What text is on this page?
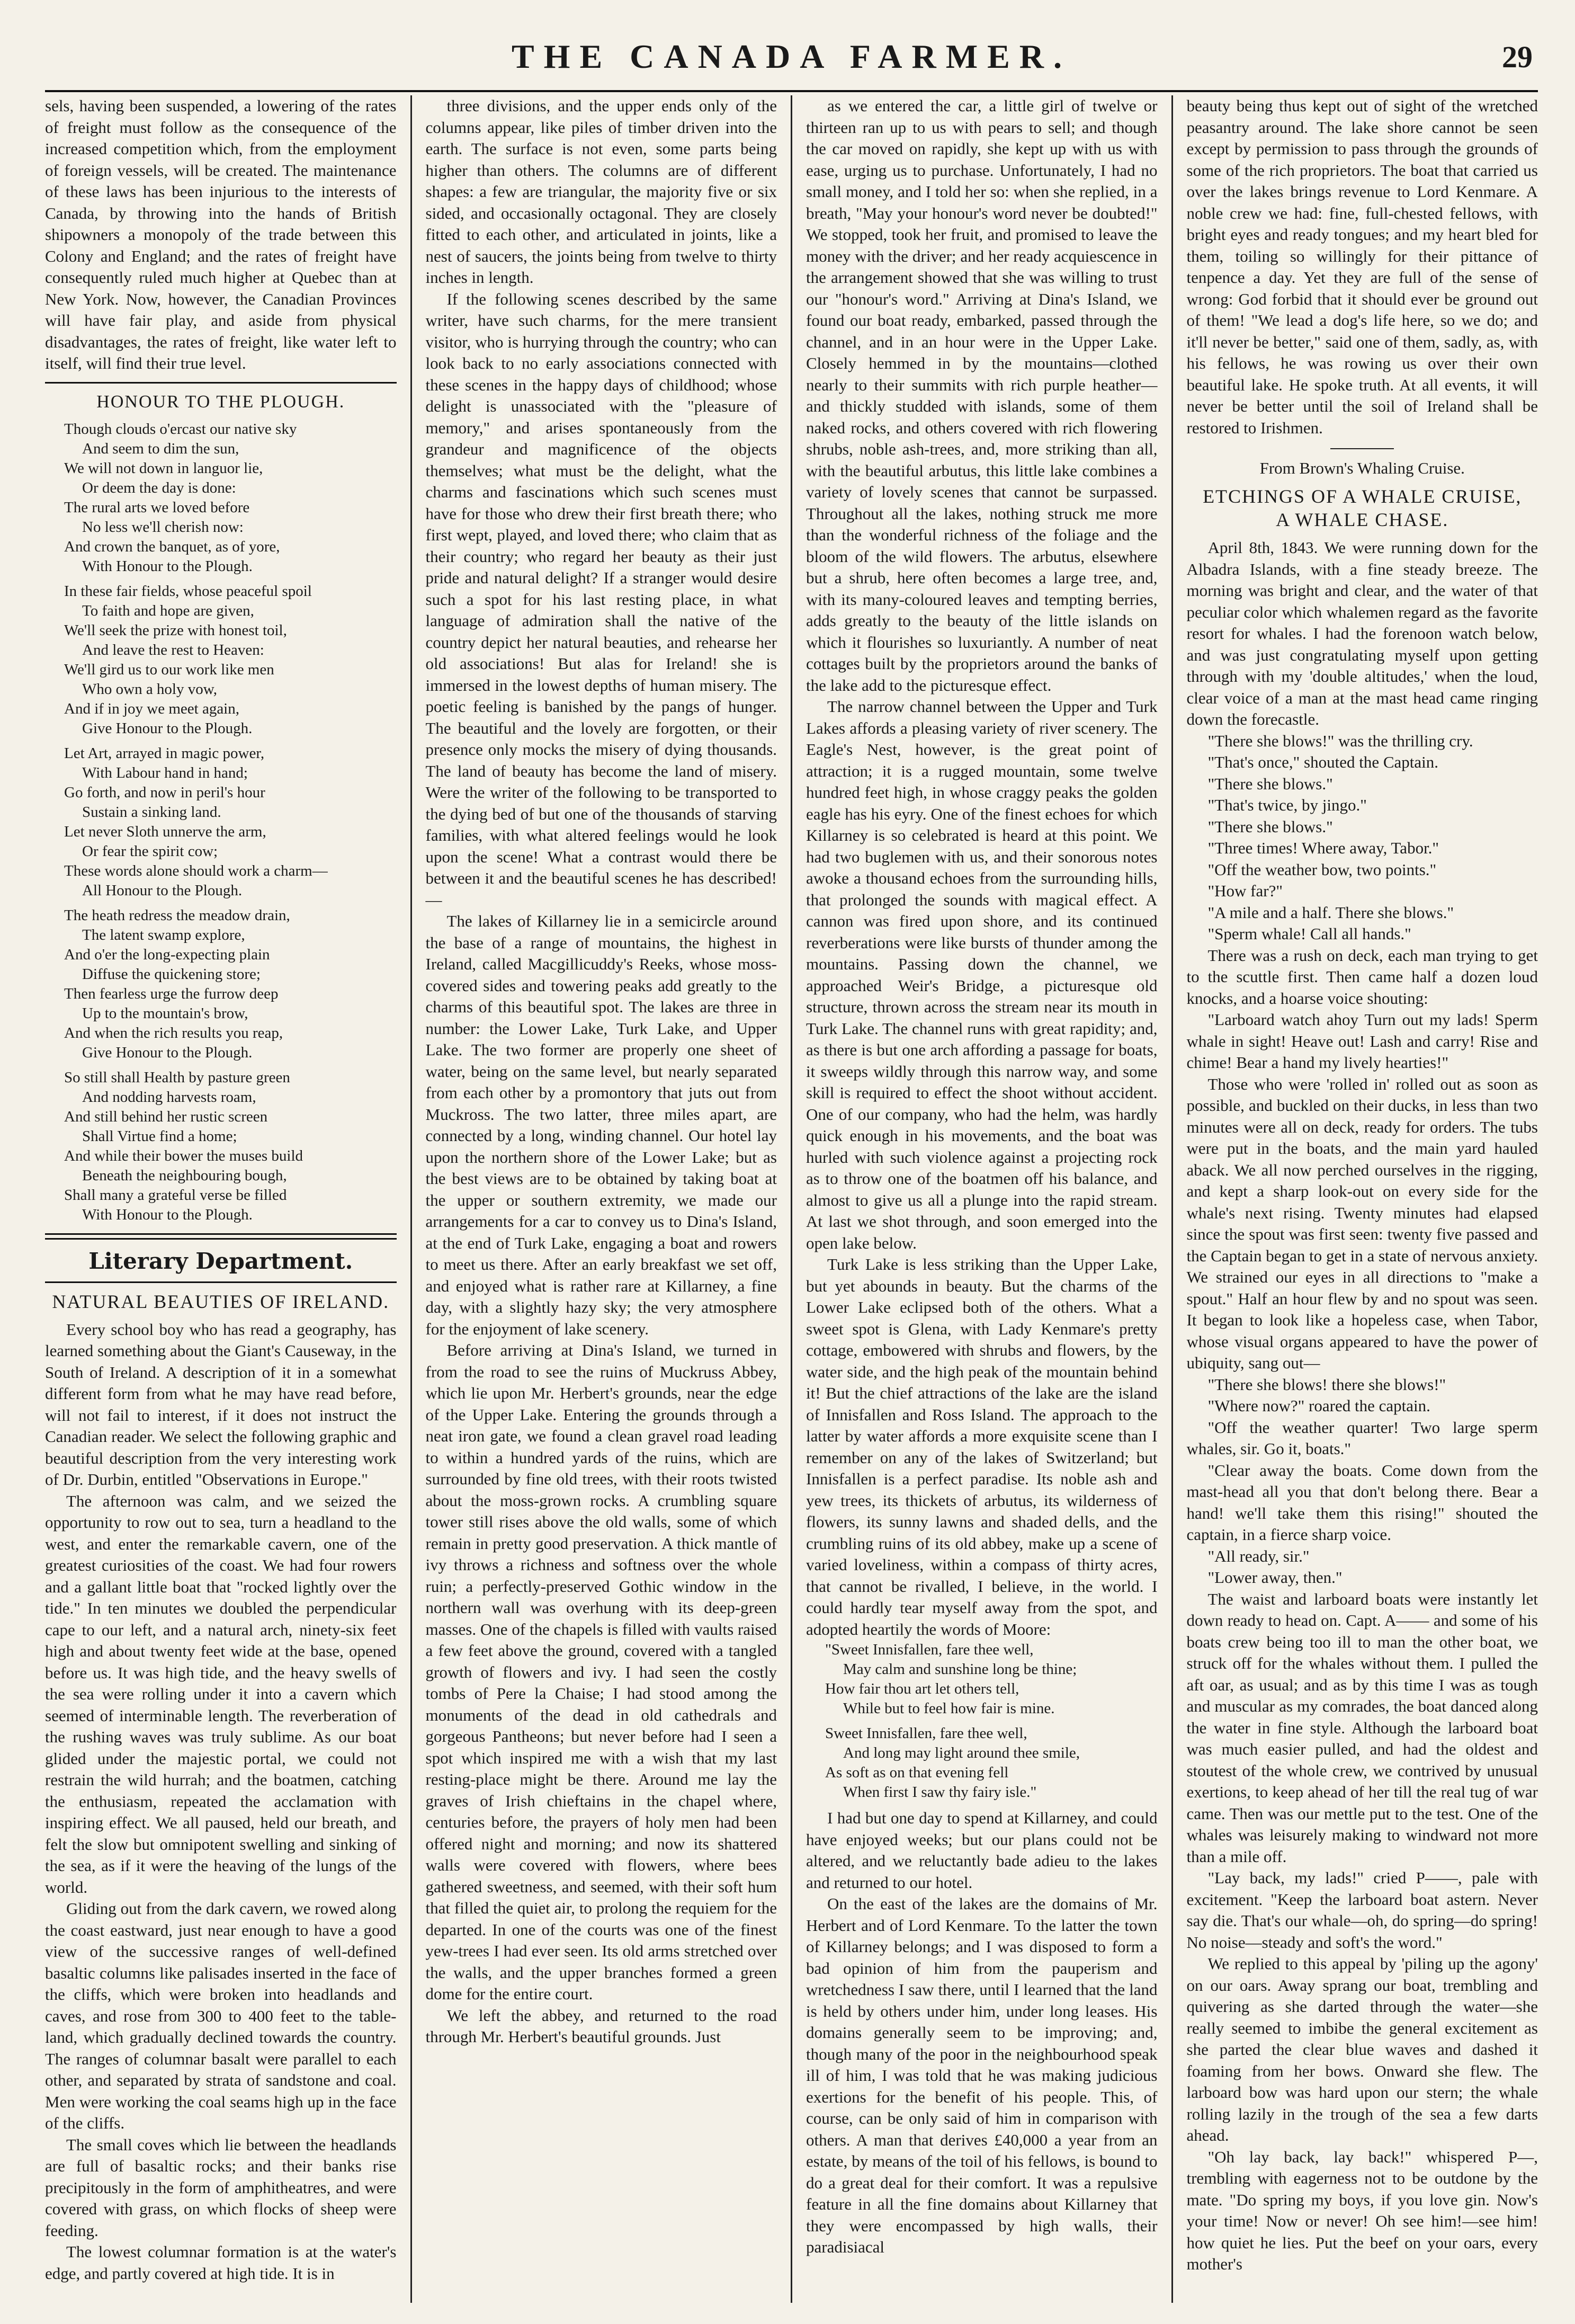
THE CANADA FARMER.	29

sels, having been suspended, a lowering of the rates of freight must follow as the consequence of the increased competition which, from the employment of foreign vessels, will be created. The maintenance of these laws has been injurious to the interests of Canada, by throwing into the hands of British shipowners a monopoly of the trade between this Colony and England; and the rates of freight have consequently ruled much higher at Quebec than at New York. Now, however, the Canadian Provinces will have fair play, and aside from physical disadvantages, the rates of freight, like water left to itself, will find their true level.

HONOUR TO THE PLOUGH.
Though clouds o'ercast our native sky
And seem to dim the sun,
We will not down in languor lie,
Or deem the day is done:
The rural arts we loved before
No less we'll cherish now:
And crown the banquet, as of yore,
With Honour to the Plough.
In these fair fields, whose peaceful spoil
To faith and hope are given,
We'll seek the prize with honest toil,
And leave the rest to Heaven:
We'll gird us to our work like men
Who own a holy vow,
And if in joy we meet again,
Give Honour to the Plough.
Let Art, arrayed in magic power,
With Labour hand in hand;
Go forth, and now in peril's hour
Sustain a sinking land.
Let never Sloth unnerve the arm,
Or fear the spirit cow;
These words alone should work a charm—
All Honour to the Plough.
The heath redress the meadow drain,
The latent swamp explore,
And o'er the long-expecting plain
Diffuse the quickening store;
Then fearless urge the furrow deep
Up to the mountain's brow,
And when the rich results you reap,
Give Honour to the Plough.
So still shall Health by pasture green
And nodding harvests roam,
And still behind her rustic screen
Shall Virtue find a home;
And while their bower the muses build
Beneath the neighbouring bough,
Shall many a grateful verse be filled
With Honour to the Plough.
Literary Department.
NATURAL BEAUTIES OF IRELAND.

Every school boy who has read a geography, has learned something about the Giant's Causeway, in the South of Ireland. A description of it in a somewhat different form from what he may have read before, will not fail to interest, if it does not instruct the Canadian reader. We select the following graphic and beautiful description from the very interesting work of Dr. Durbin, entitled "Observations in Europe."

The afternoon was calm, and we seized the opportunity to row out to sea, turn a headland to the west, and enter the remarkable cavern, one of the greatest curiosities of the coast. We had four rowers and a gallant little boat that "rocked lightly over the tide." In ten minutes we doubled the perpendicular cape to our left, and a natural arch, ninety-six feet high and about twenty feet wide at the base, opened before us. It was high tide, and the heavy swells of the sea were rolling under it into a cavern which seemed of interminable length. The reverberation of the rushing waves was truly sublime. As our boat glided under the majestic portal, we could not restrain the wild hurrah; and the boatmen, catching the enthusiasm, repeated the acclamation with inspiring effect. We all paused, held our breath, and felt the slow but omnipotent swelling and sinking of the sea, as if it were the heaving of the lungs of the world.

Gliding out from the dark cavern, we rowed along the coast eastward, just near enough to have a good view of the successive ranges of well-defined basaltic columns like palisades inserted in the face of the cliffs, which were broken into headlands and caves, and rose from 300 to 400 feet to the table-land, which gradually declined towards the country. The ranges of columnar basalt were parallel to each other, and separated by strata of sandstone and coal. Men were working the coal seams high up in the face of the cliffs.

The small coves which lie between the headlands are full of basaltic rocks; and their banks rise precipitously in the form of amphitheatres, and were covered with grass, on which flocks of sheep were feeding.

The lowest columnar formation is at the water's edge, and partly covered at high tide. It is in

three divisions, and the upper ends only of the columns appear, like piles of timber driven into the earth. The surface is not even, some parts being higher than others. The columns are of different shapes: a few are triangular, the majority five or six sided, and occasionally octagonal. They are closely fitted to each other, and articulated in joints, like a nest of saucers, the joints being from twelve to thirty inches in length.

If the following scenes described by the same writer, have such charms, for the mere transient visitor, who is hurrying through the country; who can look back to no early associations connected with these scenes in the happy days of childhood; whose delight is unassociated with the "pleasure of memory," and arises spontaneously from the grandeur and magnificence of the objects themselves; what must be the delight, what the charms and fascinations which such scenes must have for those who drew their first breath there; who first wept, played, and loved there; who claim that as their country; who regard her beauty as their just pride and natural delight? If a stranger would desire such a spot for his last resting place, in what language of admiration shall the native of the country depict her natural beauties, and rehearse her old associations! But alas for Ireland! she is immersed in the lowest depths of human misery. The poetic feeling is banished by the pangs of hunger. The beautiful and the lovely are forgotten, or their presence only mocks the misery of dying thousands. The land of beauty has become the land of misery. Were the writer of the following to be transported to the dying bed of but one of the thousands of starving families, with what altered feelings would he look upon the scene! What a contrast would there be between it and the beautiful scenes he has described!—

The lakes of Killarney lie in a semicircle around the base of a range of mountains, the highest in Ireland, called Macgillicuddy's Reeks, whose moss-covered sides and towering peaks add greatly to the charms of this beautiful spot. The lakes are three in number: the Lower Lake, Turk Lake, and Upper Lake. The two former are properly one sheet of water, being on the same level, but nearly separated from each other by a promontory that juts out from Muckross. The two latter, three miles apart, are connected by a long, winding channel. Our hotel lay upon the northern shore of the Lower Lake; but as the best views are to be obtained by taking boat at the upper or southern extremity, we made our arrangements for a car to convey us to Dina's Island, at the end of Turk Lake, engaging a boat and rowers to meet us there. After an early breakfast we set off, and enjoyed what is rather rare at Killarney, a fine day, with a slightly hazy sky; the very atmosphere for the enjoyment of lake scenery.

Before arriving at Dina's Island, we turned in from the road to see the ruins of Muckruss Abbey, which lie upon Mr. Herbert's grounds, near the edge of the Upper Lake. Entering the grounds through a neat iron gate, we found a clean gravel road leading to within a hundred yards of the ruins, which are surrounded by fine old trees, with their roots twisted about the moss-grown rocks. A crumbling square tower still rises above the old walls, some of which remain in pretty good preservation. A thick mantle of ivy throws a richness and softness over the whole ruin; a perfectly-preserved Gothic window in the northern wall was overhung with its deep-green masses. One of the chapels is filled with vaults raised a few feet above the ground, covered with a tangled growth of flowers and ivy. I had seen the costly tombs of Pere la Chaise; I had stood among the monuments of the dead in old cathedrals and gorgeous Pantheons; but never before had I seen a spot which inspired me with a wish that my last resting-place might be there. Around me lay the graves of Irish chieftains in the chapel where, centuries before, the prayers of holy men had been offered night and morning; and now its shattered walls were covered with flowers, where bees gathered sweetness, and seemed, with their soft hum that filled the quiet air, to prolong the requiem for the departed. In one of the courts was one of the finest yew-trees I had ever seen. Its old arms stretched over the walls, and the upper branches formed a green dome for the entire court.

We left the abbey, and returned to the road through Mr. Herbert's beautiful grounds. Just

as we entered the car, a little girl of twelve or thirteen ran up to us with pears to sell; and though the car moved on rapidly, she kept up with us with ease, urging us to purchase. Unfortunately, I had no small money, and I told her so: when she replied, in a breath, "May your honour's word never be doubted!" We stopped, took her fruit, and promised to leave the money with the driver; and her ready acquiescence in the arrangement showed that she was willing to trust our "honour's word." Arriving at Dina's Island, we found our boat ready, embarked, passed through the channel, and in an hour were in the Upper Lake. Closely hemmed in by the mountains—clothed nearly to their summits with rich purple heather—and thickly studded with islands, some of them naked rocks, and others covered with rich flowering shrubs, noble ash-trees, and, more striking than all, with the beautiful arbutus, this little lake combines a variety of lovely scenes that cannot be surpassed. Throughout all the lakes, nothing struck me more than the wonderful richness of the foliage and the bloom of the wild flowers. The arbutus, elsewhere but a shrub, here often becomes a large tree, and, with its many-coloured leaves and tempting berries, adds greatly to the beauty of the little islands on which it flourishes so luxuriantly. A number of neat cottages built by the proprietors around the banks of the lake add to the picturesque effect.

The narrow channel between the Upper and Turk Lakes affords a pleasing variety of river scenery. The Eagle's Nest, however, is the great point of attraction; it is a rugged mountain, some twelve hundred feet high, in whose craggy peaks the golden eagle has his eyry. One of the finest echoes for which Killarney is so celebrated is heard at this point. We had two buglemen with us, and their sonorous notes awoke a thousand echoes from the surrounding hills, that prolonged the sounds with magical effect. A cannon was fired upon shore, and its continued reverberations were like bursts of thunder among the mountains. Passing down the channel, we approached Weir's Bridge, a picturesque old structure, thrown across the stream near its mouth in Turk Lake. The channel runs with great rapidity; and, as there is but one arch affording a passage for boats, it sweeps wildly through this narrow way, and some skill is required to effect the shoot without accident. One of our company, who had the helm, was hardly quick enough in his movements, and the boat was hurled with such violence against a projecting rock as to throw one of the boatmen off his balance, and almost to give us all a plunge into the rapid stream. At last we shot through, and soon emerged into the open lake below.

Turk Lake is less striking than the Upper Lake, but yet abounds in beauty. But the charms of the Lower Lake eclipsed both of the others. What a sweet spot is Glena, with Lady Kenmare's pretty cottage, embowered with shrubs and flowers, by the water side, and the high peak of the mountain behind it! But the chief attractions of the lake are the island of Innisfallen and Ross Island. The approach to the latter by water affords a more exquisite scene than I remember on any of the lakes of Switzerland; but Innisfallen is a perfect paradise. Its noble ash and yew trees, its thickets of arbutus, its wilderness of flowers, its sunny lawns and shaded dells, and the crumbling ruins of its old abbey, make up a scene of varied loveliness, within a compass of thirty acres, that cannot be rivalled, I believe, in the world. I could hardly tear myself away from the spot, and adopted heartily the words of Moore:

"Sweet Innisfallen, fare thee well,
May calm and sunshine long be thine;
How fair thou art let others tell,
While but to feel how fair is mine.
Sweet Innisfallen, fare thee well,
And long may light around thee smile,
As soft as on that evening fell
When first I saw thy fairy isle."

I had but one day to spend at Killarney, and could have enjoyed weeks; but our plans could not be altered, and we reluctantly bade adieu to the lakes and returned to our hotel.

On the east of the lakes are the domains of Mr. Herbert and of Lord Kenmare. To the latter the town of Killarney belongs; and I was disposed to form a bad opinion of him from the pauperism and wretchedness I saw there, until I learned that the land is held by others under him, under long leases. His domains generally seem to be improving; and, though many of the poor in the neighbourhood speak ill of him, I was told that he was making judicious exertions for the benefit of his people. This, of course, can be only said of him in comparison with others. A man that derives £40,000 a year from an estate, by means of the toil of his fellows, is bound to do a great deal for their comfort. It was a repulsive feature in all the fine domains about Killarney that they were encompassed by high walls, their paradisiacal

beauty being thus kept out of sight of the wretched peasantry around. The lake shore cannot be seen except by permission to pass through the grounds of some of the rich proprietors. The boat that carried us over the lakes brings revenue to Lord Kenmare. A noble crew we had: fine, full-chested fellows, with bright eyes and ready tongues; and my heart bled for them, toiling so willingly for their pittance of tenpence a day. Yet they are full of the sense of wrong: God forbid that it should ever be ground out of them! "We lead a dog's life here, so we do; and it'll never be better," said one of them, sadly, as, with his fellows, he was rowing us over their own beautiful lake. He spoke truth. At all events, it will never be better until the soil of Ireland shall be restored to Irishmen.

From Brown's Whaling Cruise.
ETCHINGS OF A WHALE CRUISE,
A WHALE CHASE.

April 8th, 1843. We were running down for the Albadra Islands, with a fine steady breeze. The morning was bright and clear, and the water of that peculiar color which whalemen regard as the favorite resort for whales. I had the forenoon watch below, and was just congratulating myself upon getting through with my 'double altitudes,' when the loud, clear voice of a man at the mast head came ringing down the forecastle.

"There she blows!" was the thrilling cry.

"That's once," shouted the Captain.

"There she blows."

"That's twice, by jingo."

"There she blows."

"Three times! Where away, Tabor."

"Off the weather bow, two points."

"How far?"

"A mile and a half. There she blows."

"Sperm whale! Call all hands."

There was a rush on deck, each man trying to get to the scuttle first. Then came half a dozen loud knocks, and a hoarse voice shouting:

"Larboard watch ahoy Turn out my lads! Sperm whale in sight! Heave out! Lash and carry! Rise and chime! Bear a hand my lively hearties!"

Those who were 'rolled in' rolled out as soon as possible, and buckled on their ducks, in less than two minutes were all on deck, ready for orders. The tubs were put in the boats, and the main yard hauled aback. We all now perched ourselves in the rigging, and kept a sharp look-out on every side for the whale's next rising. Twenty minutes had elapsed since the spout was first seen: twenty five passed and the Captain began to get in a state of nervous anxiety. We strained our eyes in all directions to "make a spout." Half an hour flew by and no spout was seen. It began to look like a hopeless case, when Tabor, whose visual organs appeared to have the power of ubiquity, sang out—

"There she blows! there she blows!"

"Where now?" roared the captain.

"Off the weather quarter! Two large sperm whales, sir. Go it, boats."

"Clear away the boats. Come down from the mast-head all you that don't belong there. Bear a hand! we'll take them this rising!" shouted the captain, in a fierce sharp voice.

"All ready, sir."

"Lower away, then."

The waist and larboard boats were instantly let down ready to head on. Capt. A—— and some of his boats crew being too ill to man the other boat, we struck off for the whales without them. I pulled the aft oar, as usual; and as by this time I was as tough and muscular as my comrades, the boat danced along the water in fine style. Although the larboard boat was much easier pulled, and had the oldest and stoutest of the whole crew, we contrived by unusual exertions, to keep ahead of her till the real tug of war came. Then was our mettle put to the test. One of the whales was leisurely making to windward not more than a mile off.

"Lay back, my lads!" cried P——, pale with excitement. "Keep the larboard boat astern. Never say die. That's our whale—oh, do spring—do spring! No noise—steady and soft's the word."

We replied to this appeal by 'piling up the agony' on our oars. Away sprang our boat, trembling and quivering as she darted through the water—she really seemed to imbibe the general excitement as she parted the clear blue waves and dashed it foaming from her bows. Onward she flew. The larboard bow was hard upon our stern; the whale rolling lazily in the trough of the sea a few darts ahead.

"Oh lay back, lay back!" whispered P—, trembling with eagerness not to be outdone by the mate. "Do spring my boys, if you love gin. Now's your time! Now or never! Oh see him!—see him! how quiet he lies. Put the beef on your oars, every mother's
